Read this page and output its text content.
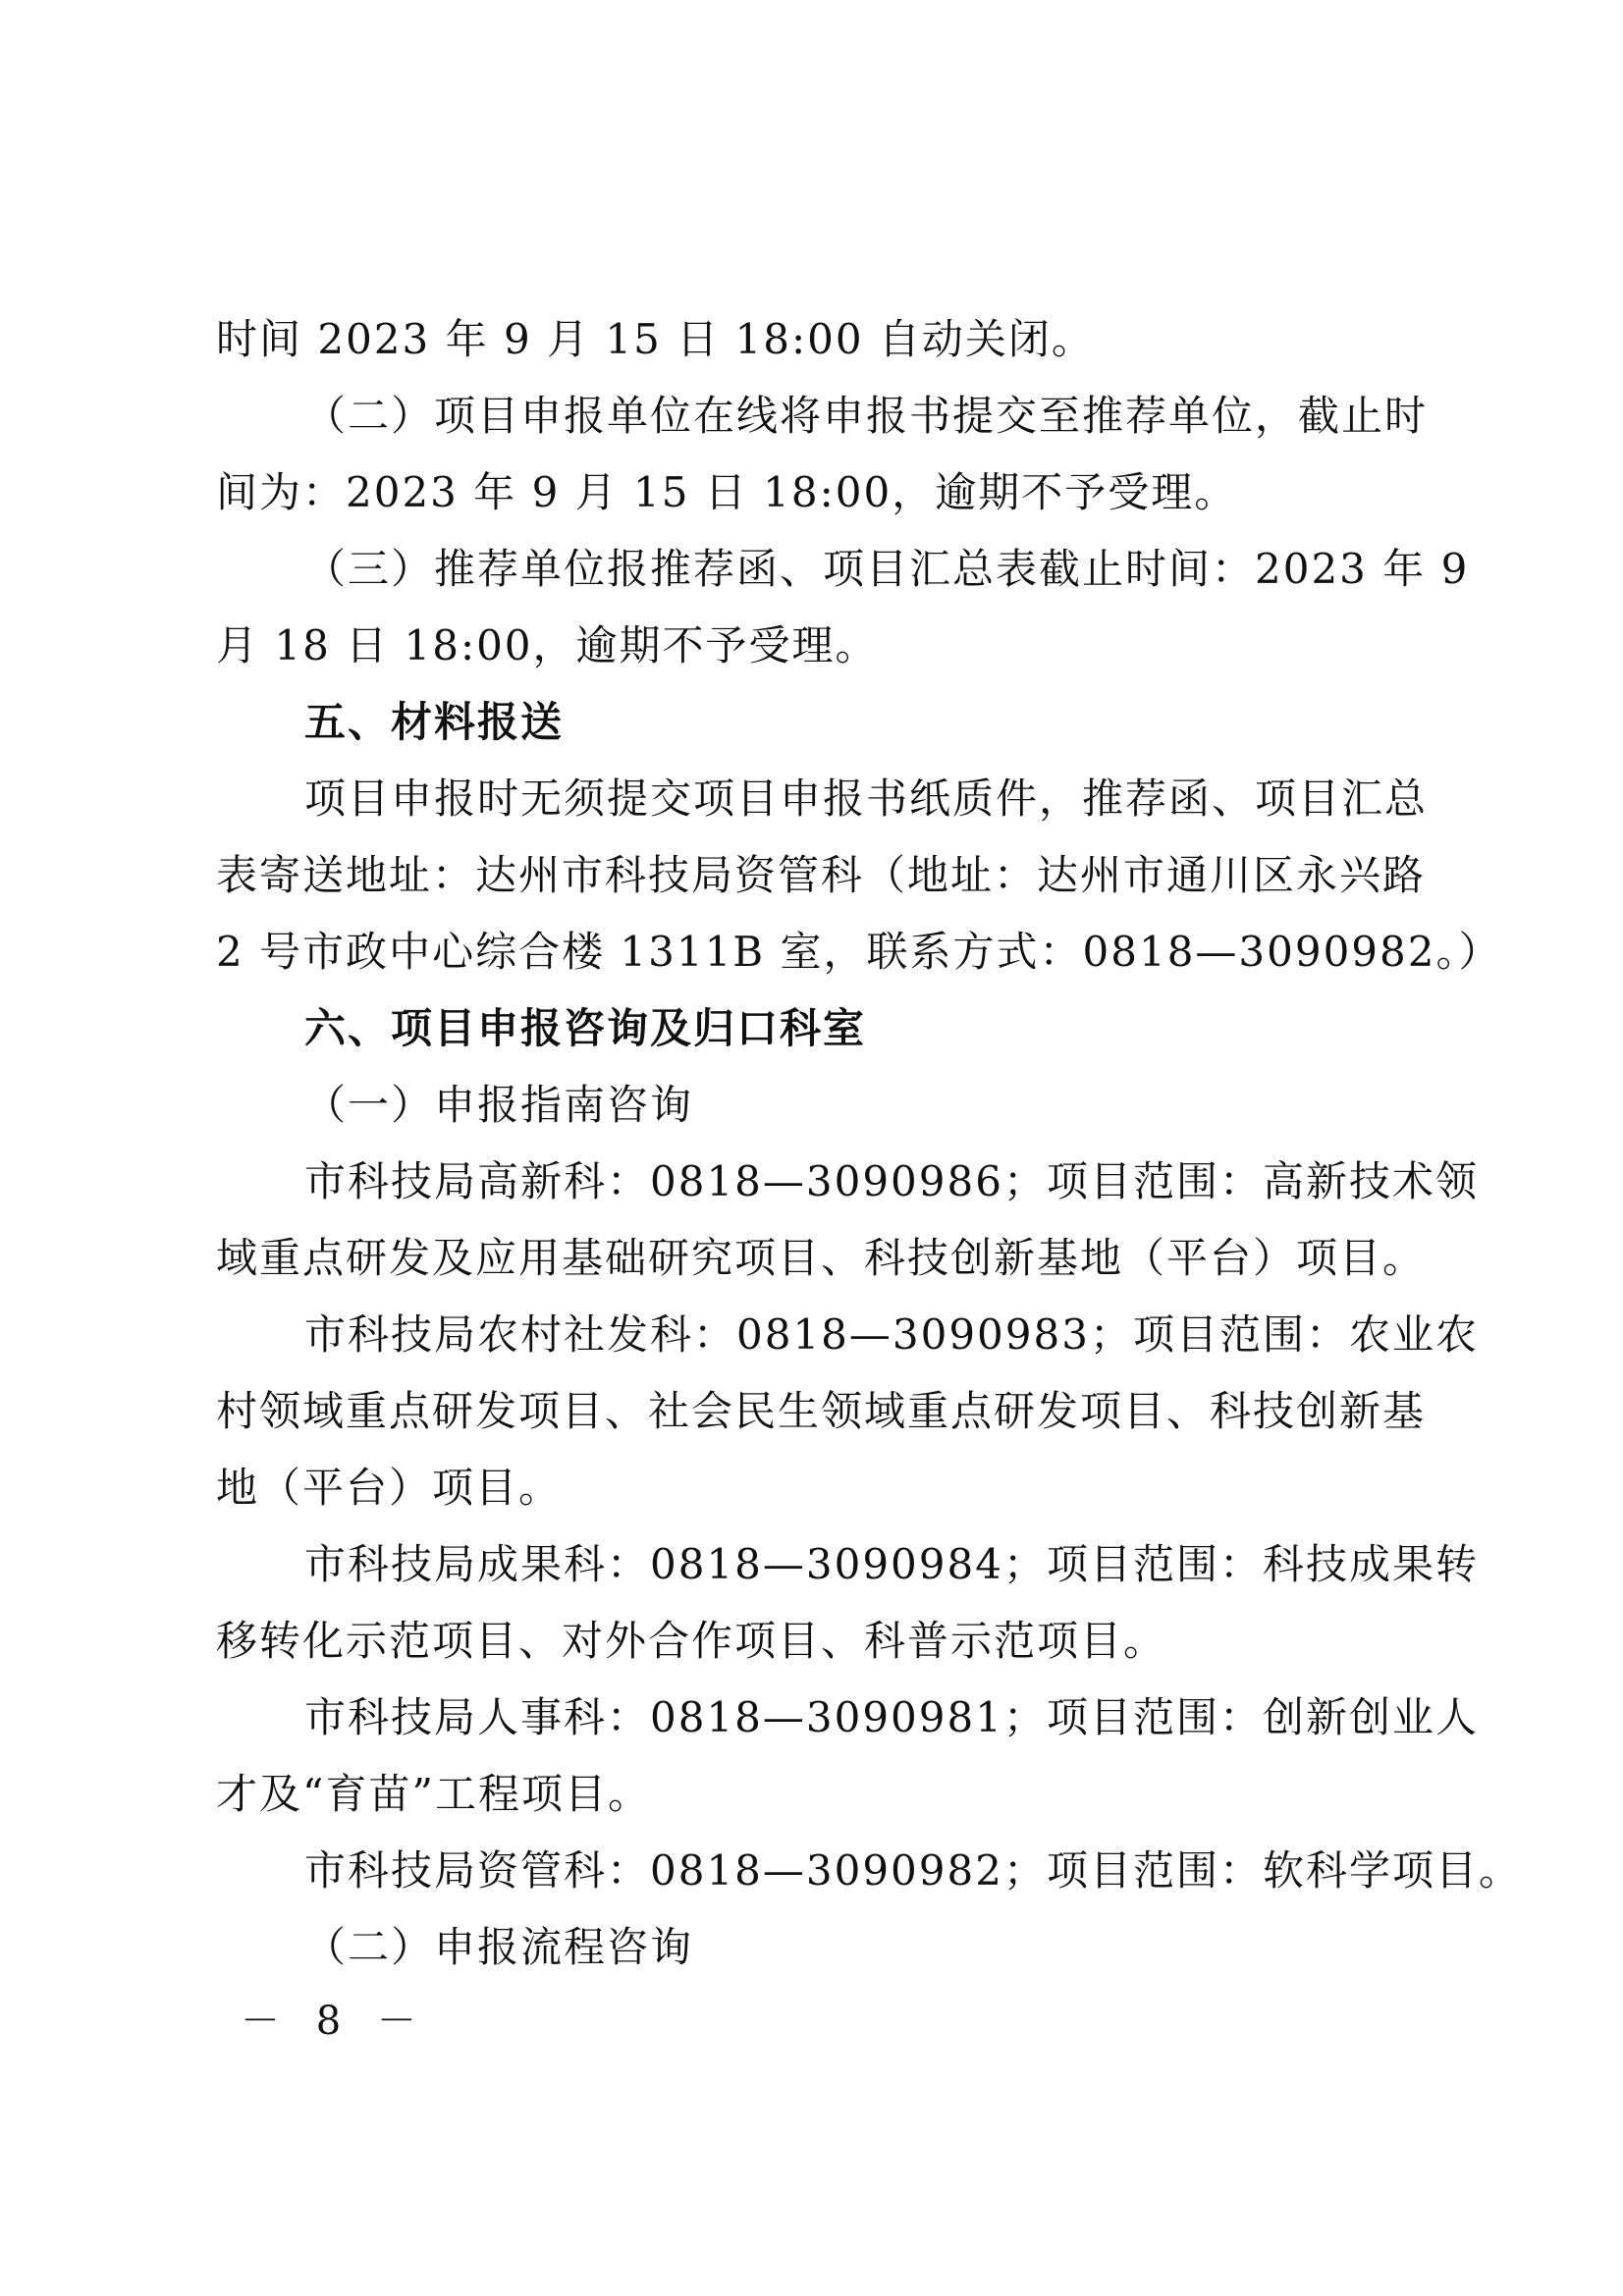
时间 2023 年 9 月 15 日 18:00 自动关闭。
（二）项目申报单位在线将申报书提交至推荐单位，截止时
间为：2023 年 9 月 15 日 18:00，逾期不予受理。
（三）推荐单位报推荐函、项目汇总表截止时间：2023 年 9
月 18 日 18:00，逾期不予受理。
五、材料报送
项目申报时无须提交项目申报书纸质件，推荐函、项目汇总
表寄送地址：达州市科技局资管科（地址：达州市通川区永兴路
2 号市政中心综合楼 1311B 室，联系方式：0818—3090982。）
六、项目申报咨询及归口科室
（一）申报指南咨询
市科技局高新科：0818—3090986；项目范围：高新技术领
域重点研发及应用基础研究项目、科技创新基地（平台）项目。
市科技局农村社发科：0818—3090983；项目范围：农业农
村领域重点研发项目、社会民生领域重点研发项目、科技创新基
地（平台）项目。
市科技局成果科：0818—3090984；项目范围：科技成果转
移转化示范项目、对外合作项目、科普示范项目。
市科技局人事科：0818—3090981；项目范围：创新创业人
才及“育苗”工程项目。
市科技局资管科：0818—3090982；项目范围：软科学项目。
（二）申报流程咨询
－ 8 －
